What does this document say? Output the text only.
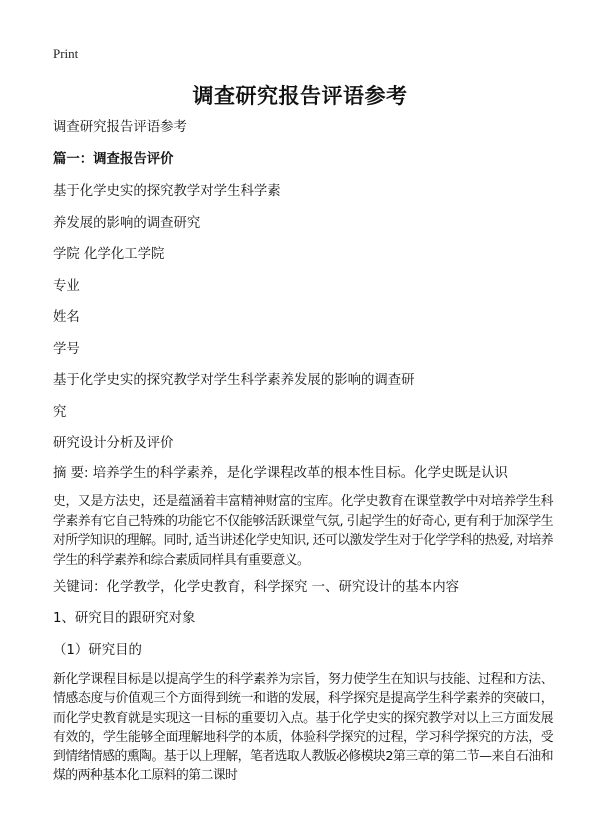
Print
调查研究报告评语参考

调查研究报告评语参考

篇一：调查报告评价

基于化学史实的探究教学对学生科学素

养发展的影响的调查研究

学院 化学化工学院

专业

姓名

学号

基于化学史实的探究教学对学生科学素养发展的影响的调查研

究

研究设计分析及评价

摘 要: 培养学生的科学素养，是化学课程改革的根本性目标。化学史既是认识

史，又是方法史，还是蕴涵着丰富精神财富的宝库。化学史教育在课堂教学中对培养学生科学素养有它自己特殊的功能它不仅能够活跃课堂气氛, 引起学生的好奇心, 更有利于加深学生对所学知识的理解。同时, 适当讲述化学史知识, 还可以激发学生对于化学学科的热爱, 对培养学生的科学素养和综合素质同样具有重要意义。

关键词：化学教学，化学史教育，科学探究 一、研究设计的基本内容

1、研究目的跟研究对象

（1）研究目的

新化学课程目标是以提高学生的科学素养为宗旨，努力使学生在知识与技能、过程和方法、情感态度与价值观三个方面得到统一和谐的发展，科学探究是提高学生科学素养的突破口，而化学史教育就是实现这一目标的重要切入点。基于化学史实的探究教学对以上三方面发展有效的，学生能够全面理解地科学的本质，体验科学探究的过程，学习科学探究的方法，受到情绪情感的熏陶。基于以上理解，笔者选取人教版必修模块2第三章的第二节—来自石油和煤的两种基本化工原料的第二课时
